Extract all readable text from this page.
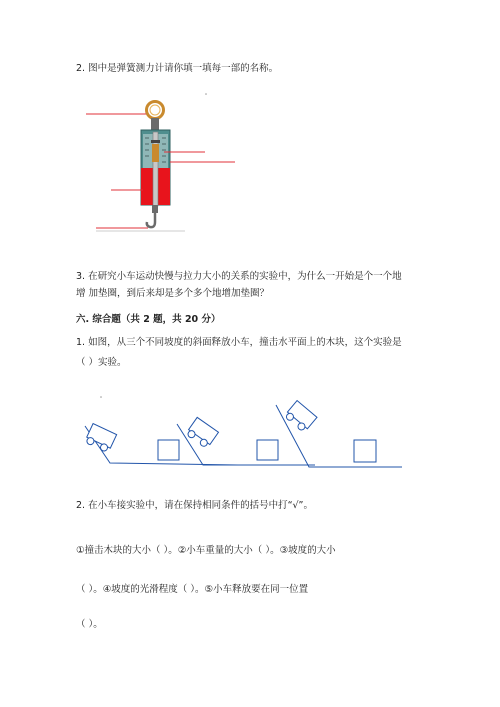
2. 图中是弹簧测力计请你填一填每一部的名称。
3. 在研究小车运动快慢与拉力大小的关系的实验中，为什么一开始是个一个地
增 加垫圈，到后来却是多个多个地增加垫圈？
六. 综合题（共 2 题，共 20 分）
1. 如图，从三个不同坡度的斜面释放小车，撞击水平面上的木块，这个实验是
（ ）实验。
2. 在小车接实验中，请在保持相同条件的括号中打“√”。
①撞击木块的大小（ ）。②小车重量的大小（ ）。③坡度的大小
（ ）。④坡度的光滑程度（ ）。⑤小车释放要在同一位置
（ ）。
